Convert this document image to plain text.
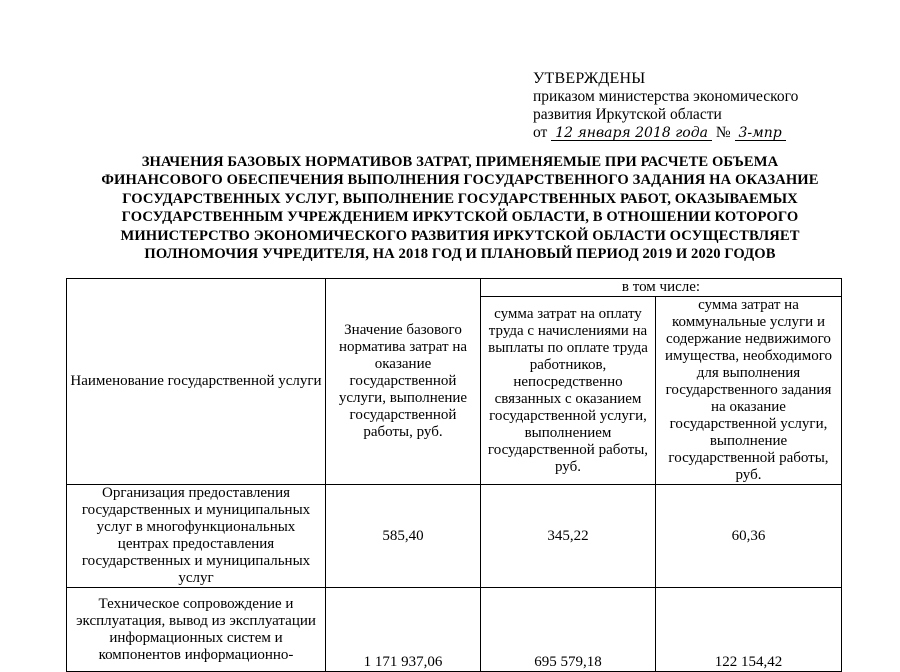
УТВЕРЖДЕНЫ
приказом министерства экономического
развития Иркутской области
от 12 января 2018 года № 3-мпр
ЗНАЧЕНИЯ БАЗОВЫХ НОРМАТИВОВ ЗАТРАТ, ПРИМЕНЯЕМЫЕ ПРИ РАСЧЕТЕ ОБЪЕМА ФИНАНСОВОГО ОБЕСПЕЧЕНИЯ ВЫПОЛНЕНИЯ ГОСУДАРСТВЕННОГО ЗАДАНИЯ НА ОКАЗАНИЕ ГОСУДАРСТВЕННЫХ УСЛУГ, ВЫПОЛНЕНИЕ ГОСУДАРСТВЕННЫХ РАБОТ, ОКАЗЫВАЕМЫХ ГОСУДАРСТВЕННЫМ УЧРЕЖДЕНИЕМ ИРКУТСКОЙ ОБЛАСТИ, В ОТНОШЕНИИ КОТОРОГО МИНИСТЕРСТВО ЭКОНОМИЧЕСКОГО РАЗВИТИЯ ИРКУТСКОЙ ОБЛАСТИ ОСУЩЕСТВЛЯЕТ ПОЛНОМОЧИЯ УЧРЕДИТЕЛЯ, НА 2018 ГОД И ПЛАНОВЫЙ ПЕРИОД 2019 И 2020 ГОДОВ
Наименование государственной услуги	Значение базового норматива затрат на оказание государственной услуги, выполнение государственной работы, руб.	в том числе:	
		сумма затрат на оплату труда с начислениями на выплаты по оплате труда работников, непосредственно связанных с оказанием государственной услуги, выполнением государственной работы, руб.	сумма затрат на коммунальные услуги и содержание недвижимого имущества, необходимого для выполнения государственного задания на оказание государственной услуги, выполнение государственной работы, руб.
Организация предоставления государственных и муниципальных услуг в многофункциональных центрах предоставления государственных и муниципальных услуг	585,40	345,22	60,36
Техническое сопровождение и эксплуатация, вывод из эксплуатации информационных систем и компонентов информационно-	1 171 937,06	695 579,18	122 154,42
